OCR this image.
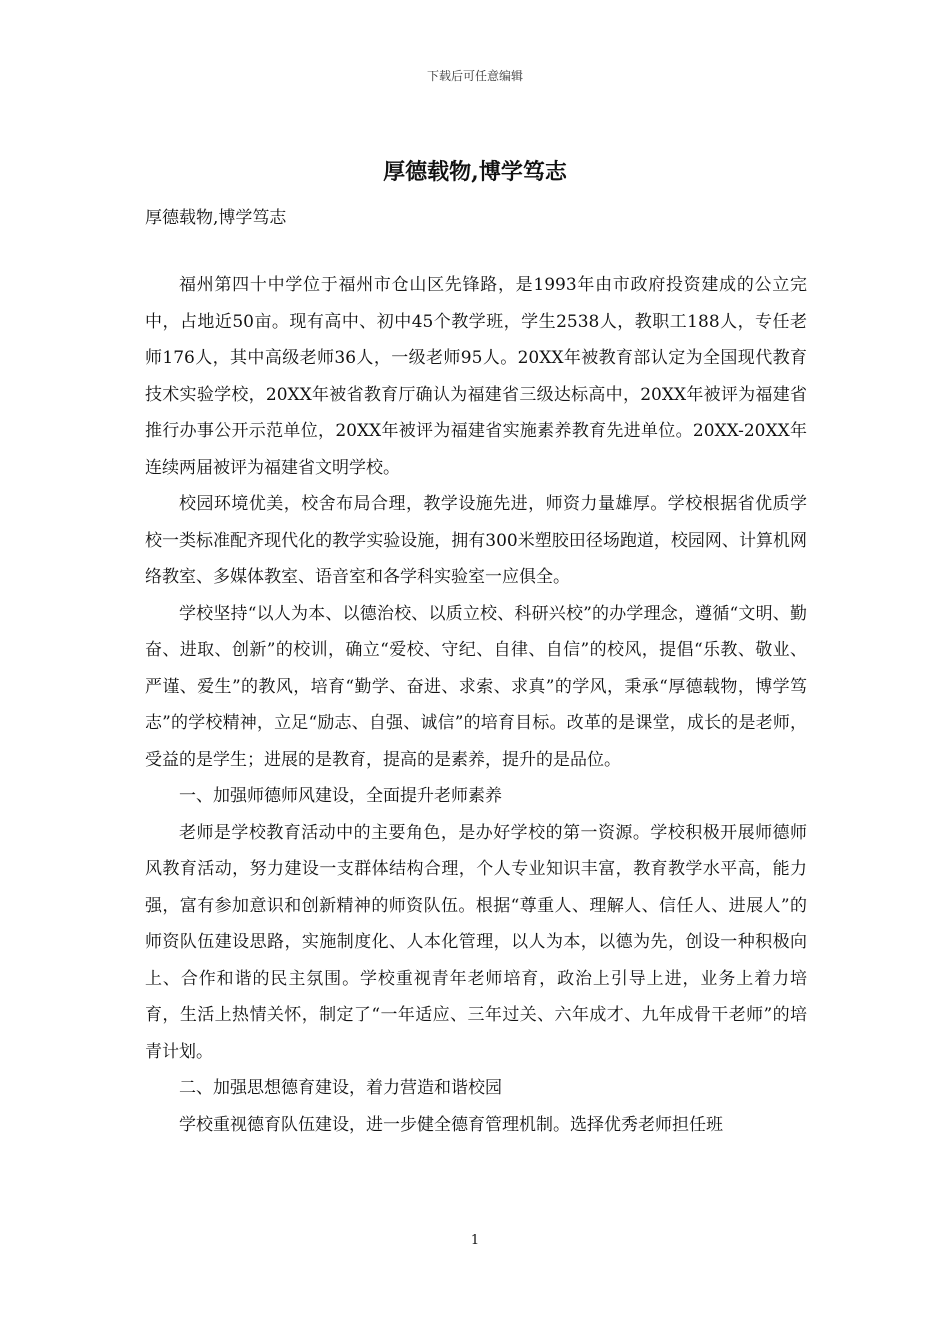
下载后可任意编辑
厚德载物,博学笃志
厚德载物,博学笃志

福州第四十中学位于福州市仓山区先锋路，是1993年由市政府投资建成的公立完中，占地近50亩。现有高中、初中45个教学班，学生2538人，教职工188人，专任老师176人，其中高级老师36人，一级老师95人。20XX年被教育部认定为全国现代教育技术实验学校，20XX年被省教育厅确认为福建省三级达标高中，20XX年被评为福建省推行办事公开示范单位，20XX年被评为福建省实施素养教育先进单位。20XX-20XX年连续两届被评为福建省文明学校。

校园环境优美，校舍布局合理，教学设施先进，师资力量雄厚。学校根据省优质学校一类标准配齐现代化的教学实验设施，拥有300米塑胶田径场跑道，校园网、计算机网络教室、多媒体教室、语音室和各学科实验室一应俱全。

学校坚持“以人为本、以德治校、以质立校、科研兴校”的办学理念，遵循“文明、勤奋、进取、创新”的校训，确立“爱校、守纪、自律、自信”的校风，提倡“乐教、敬业、严谨、爱生”的教风，培育“勤学、奋进、求索、求真”的学风，秉承“厚德载物，博学笃志”的学校精神，立足“励志、自强、诚信”的培育目标。改革的是课堂，成长的是老师，受益的是学生；进展的是教育，提高的是素养，提升的是品位。

一、加强师德师风建设，全面提升老师素养

老师是学校教育活动中的主要角色，是办好学校的第一资源。学校积极开展师德师风教育活动，努力建设一支群体结构合理，个人专业知识丰富，教育教学水平高，能力强，富有参加意识和创新精神的师资队伍。根据“尊重人、理解人、信任人、进展人”的师资队伍建设思路，实施制度化、人本化管理，以人为本，以德为先，创设一种积极向上、合作和谐的民主氛围。学校重视青年老师培育，政治上引导上进，业务上着力培育，生活上热情关怀，制定了“一年适应、三年过关、六年成才、九年成骨干老师”的培青计划。

二、加强思想德育建设，着力营造和谐校园

学校重视德育队伍建设，进一步健全德育管理机制。选择优秀老师担任班

1
